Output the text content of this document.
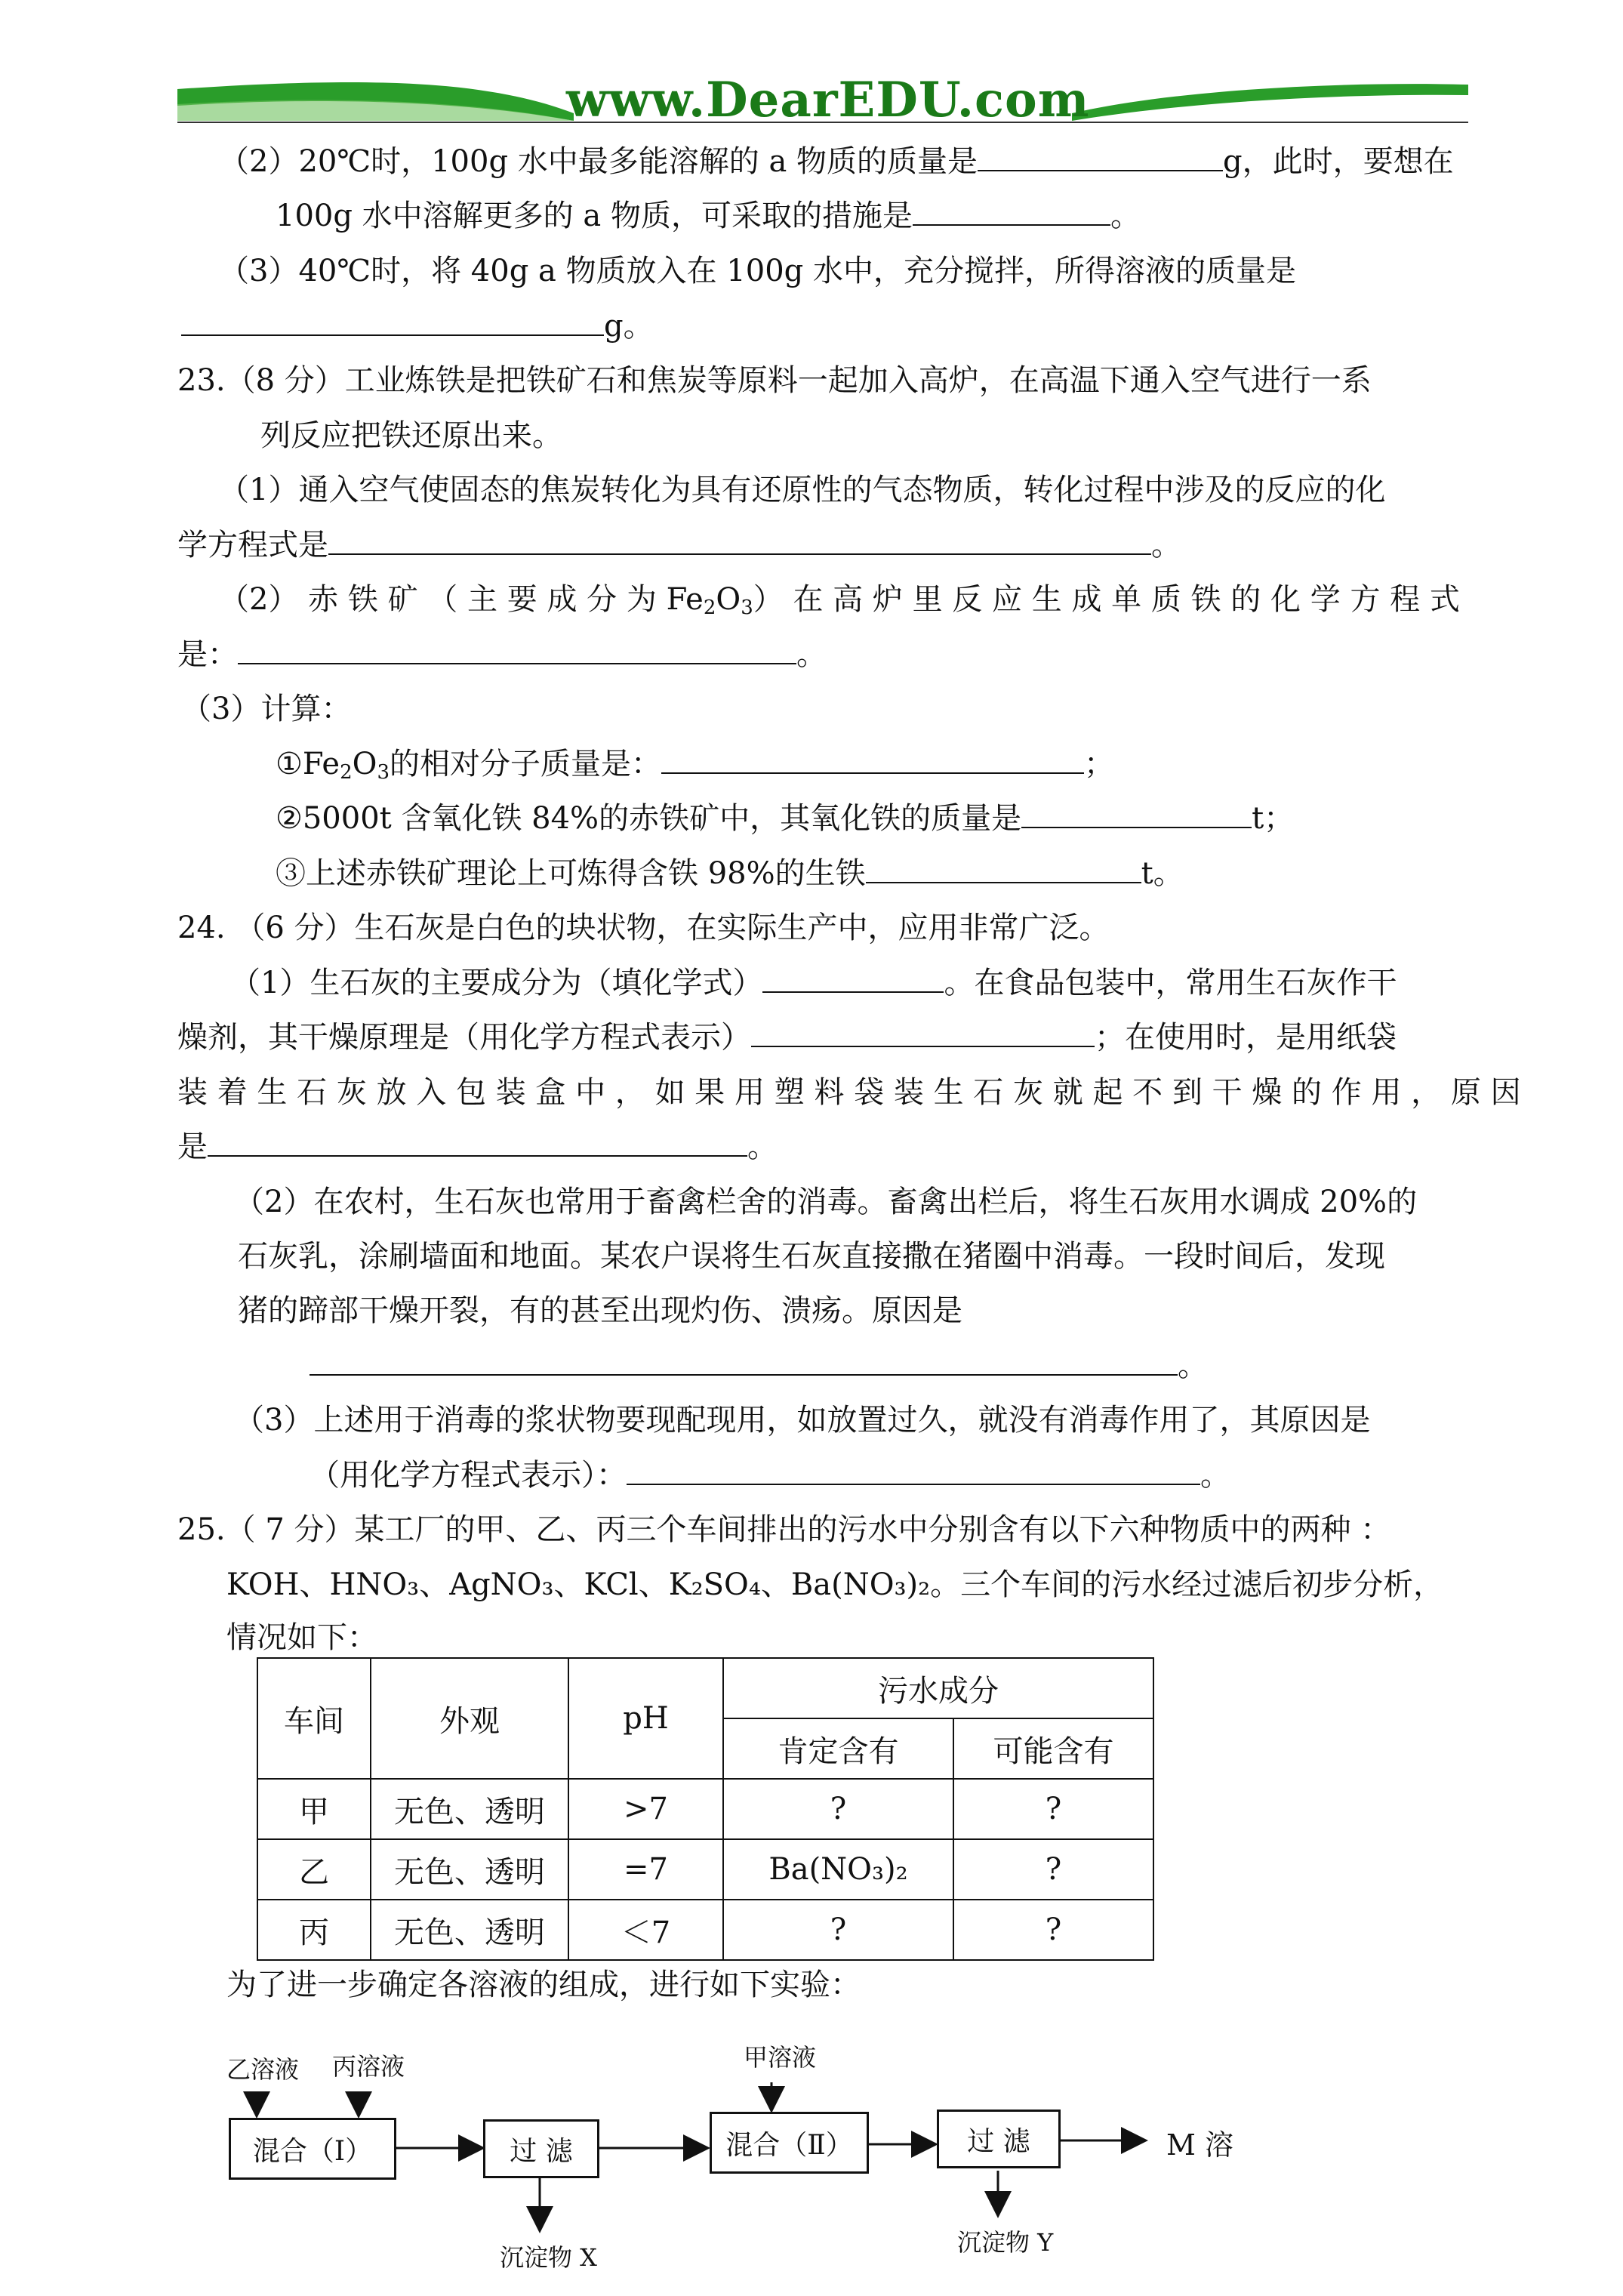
www.DearEDU.com
（2）20℃时，100g 水中最多能溶解的 a 物质的质量是	g，此时，要想在
100g 水中溶解更多的 a 物质，可采取的措施是	。
（3）40℃时，将 40g a 物质放入在 100g 水中，充分搅拌，所得溶液的质量是
g。
23.（8 分）工业炼铁是把铁矿石和焦炭等原料一起加入高炉，在高温下通入空气进行一系
列反应把铁还原出来。
（1）通入空气使固态的焦炭转化为具有还原性的气态物质，转化过程中涉及的反应的化
学方程式是	。
（2） 赤 铁 矿 （ 主 要 成 分 为 $Fe_2O_3$） 在 高 炉 里 反 应 生 成 单 质 铁 的 化 学 方 程 式
是：	。
（3）计算：
$①Fe_2O_3$的相对分子质量是：	；
②5000t 含氧化铁 84%的赤铁矿中，其氧化铁的质量是	t；
③上述赤铁矿理论上可炼得含铁 98%的生铁	t。
24. （6 分）生石灰是白色的块状物，在实际生产中，应用非常广泛。
（1）生石灰的主要成分为（填化学式）	。在食品包装中，常用生石灰作干
燥剂，其干燥原理是（用化学方程式表示）	；在使用时，是用纸袋
装 着 生 石 灰 放 入 包 装 盒 中 ， 如 果 用 塑 料 袋 装 生 石 灰 就 起 不 到 干 燥 的 作 用 ， 原 因
是	。
（2）在农村，生石灰也常用于畜禽栏舍的消毒。畜禽出栏后，将生石灰用水调成 20%的
石灰乳，涂刷墙面和地面。某农户误将生石灰直接撒在猪圈中消毒。一段时间后，发现
猪的蹄部干燥开裂，有的甚至出现灼伤、溃疡。原因是
。
（3）上述用于消毒的浆状物要现配现用，如放置过久，就没有消毒作用了，其原因是
（用化学方程式表示）：	。
25.（ 7 分）某工厂的甲、乙、丙三个车间排出的污水中分别含有以下六种物质中的两种 ：
KOH、HNO₃、AgNO₃、KCl、K₂SO₄、Ba(NO₃)₂。三个车间的污水经过滤后初步分析，
情况如下：
车间	外观	pH	污水成分	
			肯定含有	可能含有
甲	无色、透明	>7	?	?
乙	无色、透明	=7	Ba(NO₃)₂	?
丙	无色、透明	＜7	?	?
为了进一步确定各溶液的组成，进行如下实验：
乙溶液 丙溶液	甲溶液
混合（Ⅰ）	过 滤	混合（Ⅱ）	过 滤	M 溶
沉淀物 X
沉淀物 Y
